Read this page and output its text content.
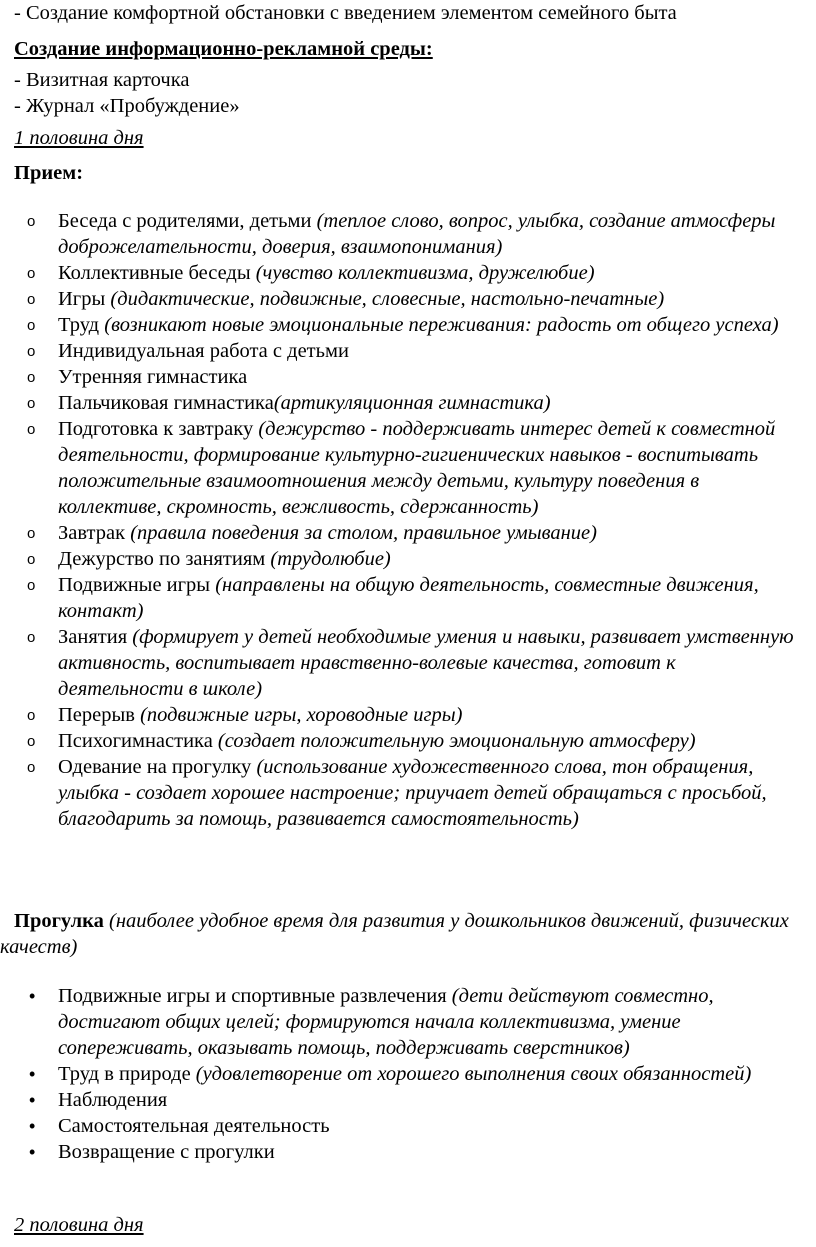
- Создание комфортной обстановки с введением элементом семейного быта
Создание информационно-рекламной среды:
- Визитная карточка
- Журнал «Пробуждение»
1 половина дня
Прием:
o Беседа с родителями, детьми (теплое слово, вопрос, улыбка, создание атмосферы доброжелательности, доверия, взаимопонимания)
o Коллективные беседы (чувство коллективизма, дружелюбие)
o Игры (дидактические, подвижные, словесные, настольно-печатные)
o Труд (возникают новые эмоциональные переживания: радость от общего успеха)
o Индивидуальная работа с детьми
o Утренняя гимнастика
o Пальчиковая гимнастика(артикуляционная гимнастика)
o Подготовка к завтраку (дежурство - поддерживать интерес детей к совместной деятельности, формирование культурно-гигиенических навыков - воспитывать положительные взаимоотношения между детьми, культуру поведения в коллективе, скромность, вежливость, сдержанность)
o Завтрак (правила поведения за столом, правильное умывание)
o Дежурство по занятиям (трудолюбие)
o Подвижные игры (направлены на общую деятельность, совместные движения, контакт)
o Занятия (формирует у детей необходимые умения и навыки, развивает умственную активность, воспитывает нравственно-волевые качества, готовит к деятельности в школе)
o Перерыв (подвижные игры, хороводные игры)
o Психогимнастика (создает положительную эмоциональную атмосферу)
o Одевание на прогулку (использование художественного слова, тон обращения, улыбка - создает хорошее настроение; приучает детей обращаться с просьбой, благодарить за помощь, развивается самостоятельность)
Прогулка (наиболее удобное время для развития у дошкольников движений, физических качеств)
• Подвижные игры и спортивные развлечения (дети действуют совместно, достигают общих целей; формируются начала коллективизма, умение сопереживать, оказывать помощь, поддерживать сверстников)
• Труд в природе (удовлетворение от хорошего выполнения своих обязанностей)
• Наблюдения
• Самостоятельная деятельность
• Возвращение с прогулки
2 половина дня
